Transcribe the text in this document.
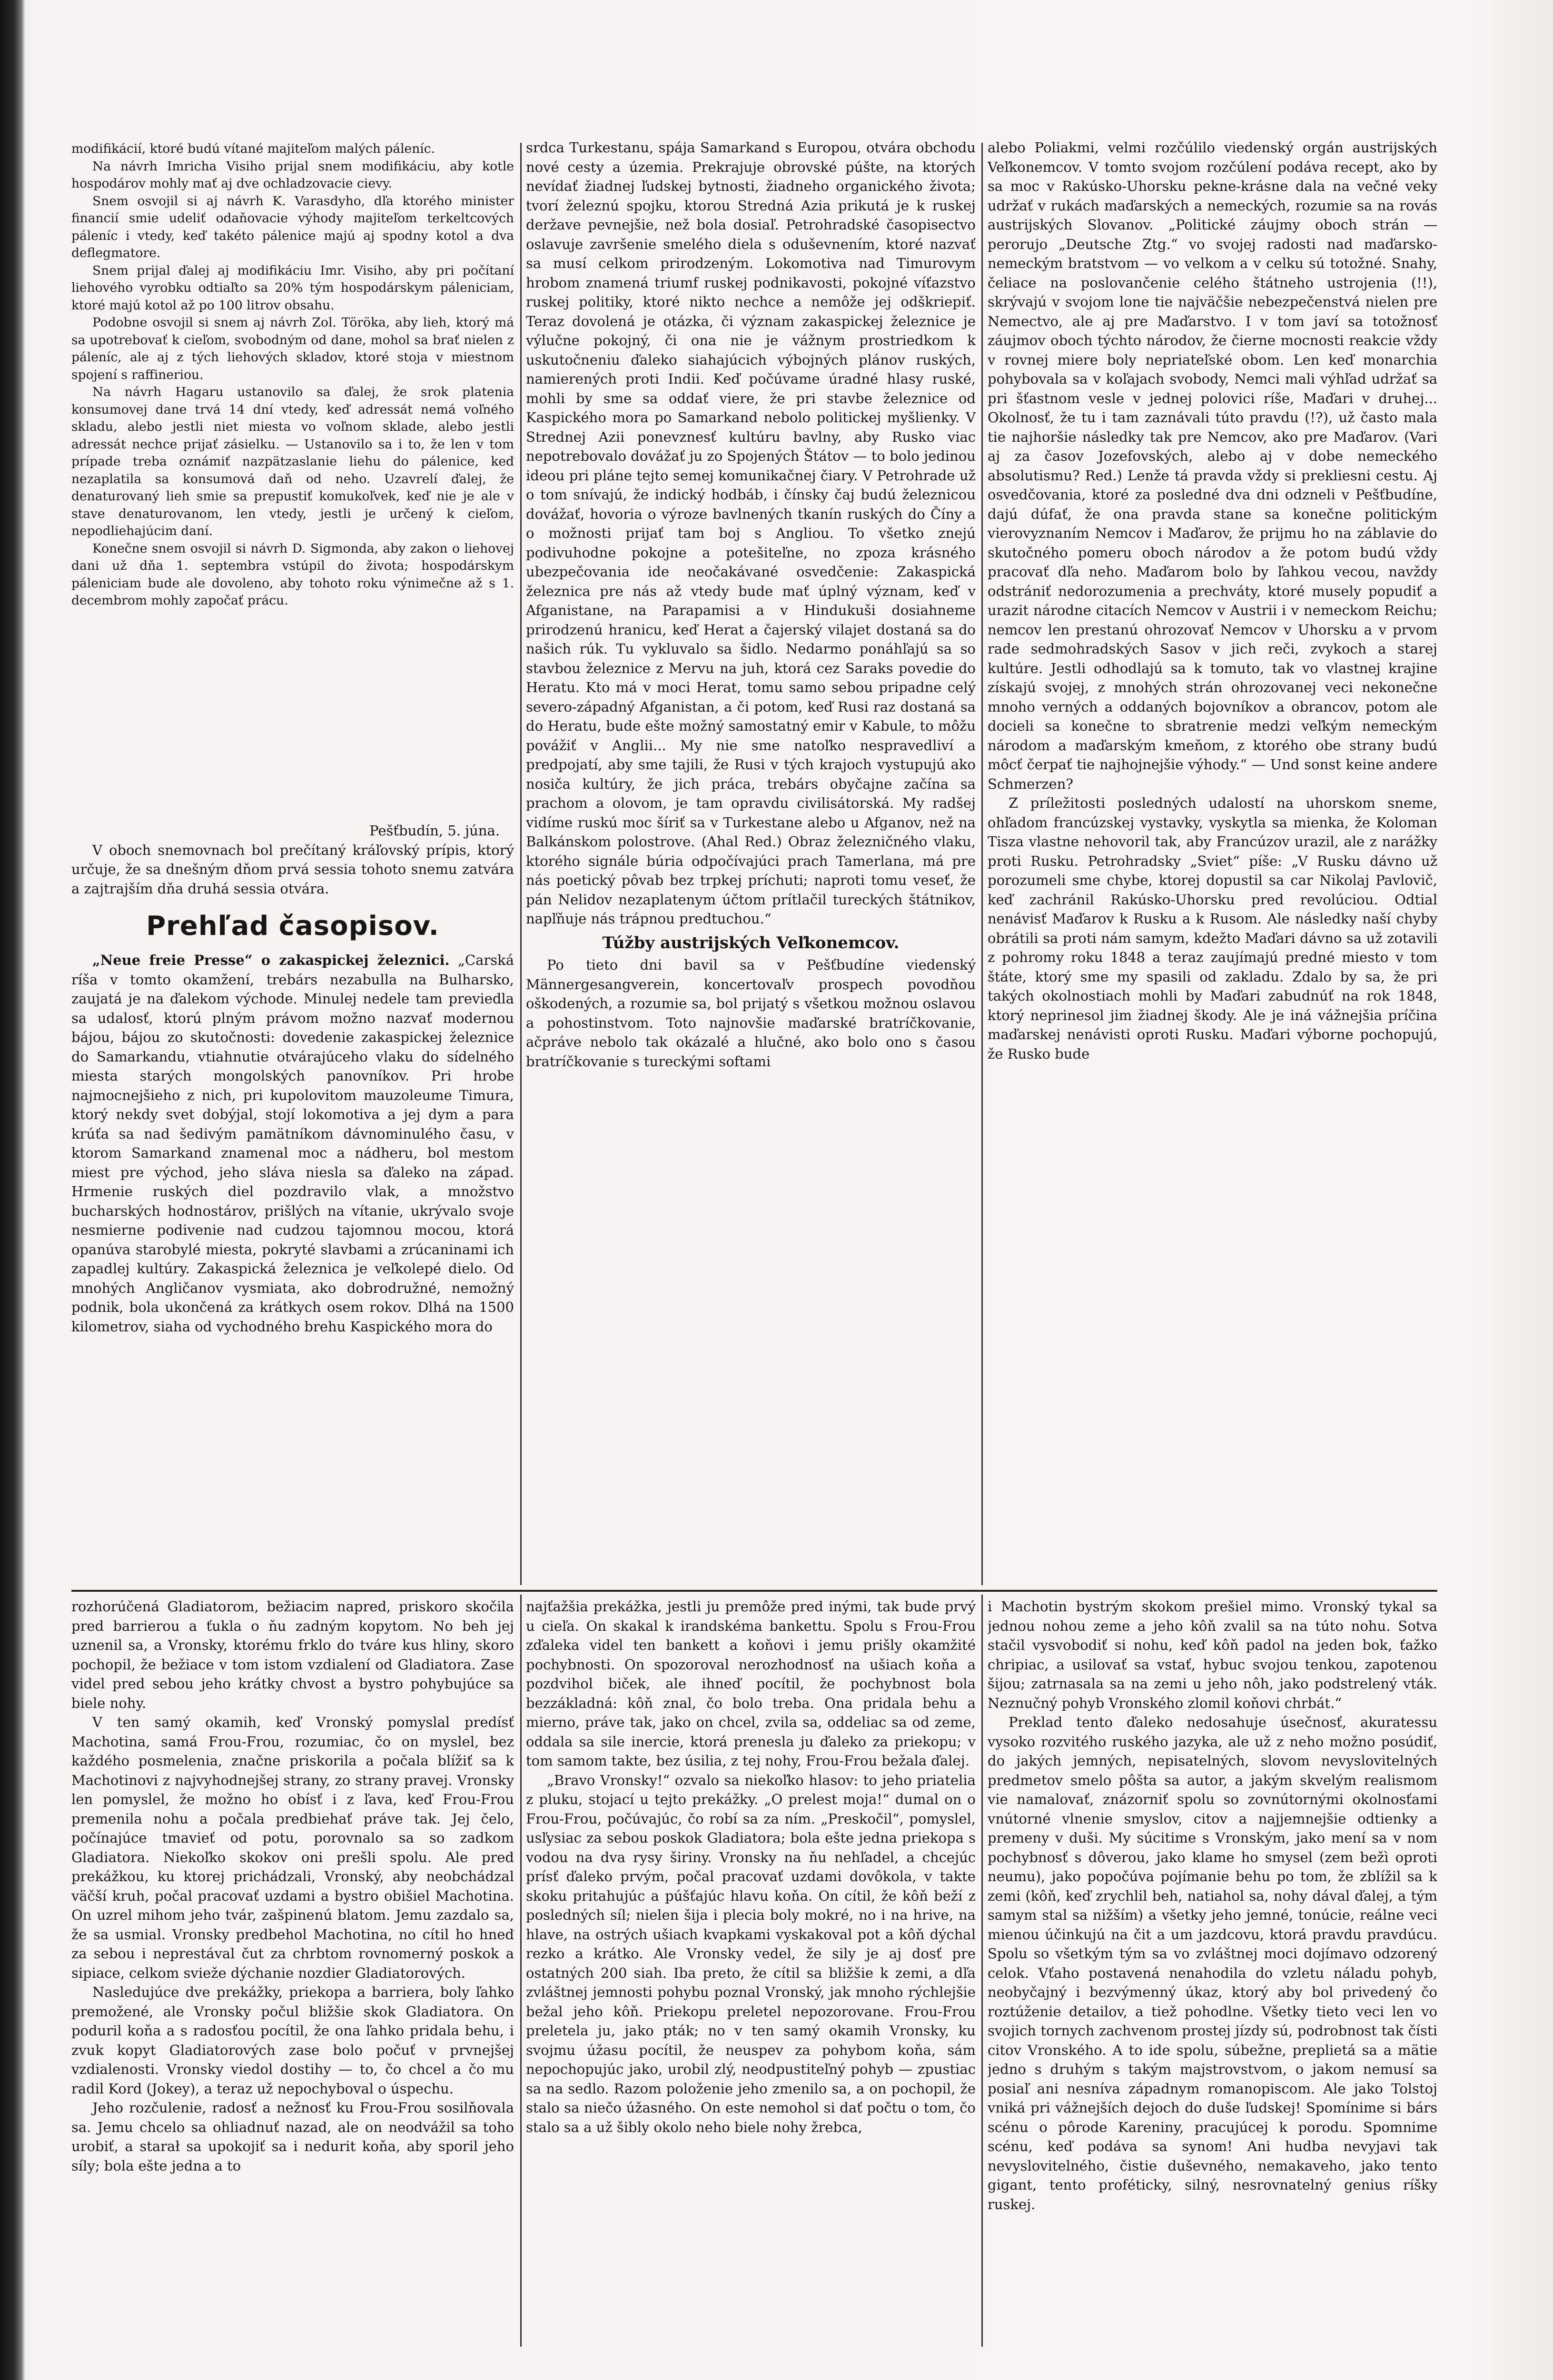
modifikácií, ktoré budú vítané majiteľom malých páleníc.

Na návrh Imricha Visiho prijal snem modifikáciu, aby kotle hospodárov mohly mať aj dve ochladzovacie cievy.

Snem osvojil si aj návrh K. Varasdyho, dľa ktorého minister financií smie udeliť odaňovacie výhody majiteľom terkeltcových páleníc i vtedy, keď takéto pálenice majú aj spodny kotol a dva deflegmatore.

Snem prijal ďalej aj modifikáciu Imr. Visiho, aby pri počítaní liehového vyrobku odtiaľto sa 20% tým hospodárskym páleniciam, ktoré majú kotol až po 100 litrov obsahu.

Podobne osvojil si snem aj návrh Zol. Töröka, aby lieh, ktorý má sa upotrebovať k cieľom, svobodným od dane, mohol sa brať nielen z páleníc, ale aj z tých liehových skladov, ktoré stoja v miestnom spojení s raffineriou.

Na návrh Hagaru ustanovilo sa ďalej, že srok platenia konsumovej dane trvá 14 dní vtedy, keď adressát nemá voľného skladu, alebo jestli niet miesta vo voľnom sklade, alebo jestli adressát nechce prijať zásielku. — Ustanovilo sa i to, že len v tom prípade treba oznámiť nazpätzaslanie liehu do pálenice, keď nezaplatila sa konsumová daň od neho. Uzavrelí ďalej, že denaturovaný lieh smie sa prepustiť komukoľvek, keď nie je ale v stave denaturovanom, len vtedy, jestli je určený k cieľom, nepodliehajúcim daní.

Konečne snem osvojil si návrh D. Sigmonda, aby zakon o liehovej dani už dňa 1. septembra vstúpil do života; hospodárskym páleniciam bude ale dovoleno, aby tohoto roku výnimečne až s 1. decembrom mohly započať prácu.

Pešťbudín, 5. júna.

V oboch snemovnach bol prečítaný kráľovský prípis, ktorý určuje, že sa dnešným dňom prvá sessia tohoto snemu zatvára a zajtrajším dňa druhá sessia otvára.

Prehľad časopisov.

„Neue freie Presse“ o zakaspickej železnici. „Carská ríša v tomto okamžení, trebárs nezabulla na Bulharsko, zaujatá je na ďalekom východe. Minulej nedele tam previedla sa udalosť, ktorú plným právom možno nazvať modernou bájou, bájou zo skutočnosti: dovedenie zakaspickej železnice do Samarkandu, vtiahnutie otvárajúceho vlaku do sídelného miesta starých mongolských panovníkov. Pri hrobe najmocnejšieho z nich, pri kupolovitom mauzoleume Timura, ktorý nekdy svet dobýjal, stojí lokomotiva a jej dym a para krúťa sa nad šedivým pamätníkom dávnominulého času, v ktorom Samarkand znamenal moc a nádheru, bol mestom miest pre východ, jeho sláva niesla sa ďaleko na západ. Hrmenie ruských diel pozdravilo vlak, a množstvo bucharských hodnostárov, prišlých na vítanie, ukrývalo svoje nesmierne podivenie nad cudzou tajomnou mocou, ktorá opanúva starobylé miesta, pokryté slavbami a zrúcaninami ich zapadlej kultúry. Zakaspická železnica je veľkolepé dielo. Od mnohých Angličanov vysmiata, ako dobrodružné, nemožný podnik, bola ukončená za krátkych osem rokov. Dlhá na 1500 kilometrov, siaha od vychodného brehu Kaspického mora do

srdca Turkestanu, spája Samarkand s Europou, otvára obchodu nové cesty a územia. Prekrajuje obrovské púšte, na ktorých nevídať žiadnej ľudskej bytnosti, žiadneho organického života; tvorí železnú spojku, ktorou Stredná Azia prikutá je k ruskej deržave pevnejšie, než bola dosiaľ. Petrohradské časopisectvo oslavuje završenie smelého diela s oduševnením, ktoré nazvať sa musí celkom prirodzeným. Lokomotiva nad Timurovym hrobom znamená triumf ruskej podnikavosti, pokojné víťazstvo ruskej politiky, ktoré nikto nechce a nemôže jej odškriepiť. Teraz dovolená je otázka, či význam zakaspickej železnice je výlučne pokojný, či ona nie je vážnym prostriedkom k uskutočneniu ďaleko siahajúcich výbojných plánov ruských, namierených proti Indii. Keď počúvame úradné hlasy ruské, mohli by sme sa oddať viere, že pri stavbe železnice od Kaspického mora po Samarkand nebolo politickej myšlienky. V Strednej Azii ponevznesť kultúru bavlny, aby Rusko viac nepotrebovalo dovážať ju zo Spojených Štátov — to bolo jedinou ideou pri pláne tejto semej komunikačnej čiary. V Petrohrade už o tom snívajú, že indický hodbáb, i čínsky čaj budú železnicou dovážať, hovoria o výroze bavlnených tkanín ruských do Číny a o možnosti prijať tam boj s Angliou. To všetko znejú podivuhodne pokojne a potešiteľne, no zpoza krásného ubezpečovania ide neočakávané osvedčenie: Zakaspická železnica pre nás až vtedy bude mať úplný význam, keď v Afganistane, na Parapamisi a v Hindukuši dosiahneme prirodzenú hranicu, keď Herat a čajerský vilajet dostaná sa do našich rúk. Tu vykluvalo sa šidlo. Nedarmo ponáhľajú sa so stavbou železnice z Mervu na juh, ktorá cez Saraks povedie do Heratu. Kto má v moci Herat, tomu samo sebou pripadne celý severo-západný Afganistan, a či potom, keď Rusi raz dostaná sa do Heratu, bude ešte možný samostatný emir v Kabule, to môžu povážiť v Anglii... My nie sme natoľko nespravedliví a predpojatí, aby sme tajili, že Rusi v tých krajoch vystupujú ako nosiča kultúry, že jich práca, trebárs obyčajne začína sa prachom a olovom, je tam opravdu civilisátorská. My radšej vidíme ruskú moc šíriť sa v Turkestane alebo u Afganov, než na Balkánskom polostrove. (Ahal Red.) Obraz železničného vlaku, ktorého signále búria odpočívajúci prach Tamerlana, má pre nás poetický pôvab bez trpkej príchuti; naproti tomu veseť, že pán Nelidov nezaplatenym účtom prítlačil tureckých štátnikov, napľňuje nás trápnou predtuchou.“

Túžby austrijských Veľkonemcov.

Po tieto dni bavil sa v Pešťbudíne viedenský Männergesangverein, koncertovaľv prospech povodňou oškodených, a rozumie sa, bol prijatý s všetkou možnou oslavou a pohostinstvom. Toto najnovšie maďarské bratríčkovanie, ačpráve nebolo tak okázalé a hlučné, ako bolo ono s časou bratríčkovanie s tureckými softami

alebo Poliakmi, velmi rozčúlilo viedenský orgán austrijských Veľkonemcov. V tomto svojom rozčúlení podáva recept, ako by sa moc v Rakúsko-Uhorsku pekne-krásne dala na večné veky udržať v rukách maďarských a nemeckých, rozumie sa na rovás austrijských Slovanov. „Politické záujmy oboch strán — perorujo „Deutsche Ztg.“ vo svojej radosti nad maďarsko-nemeckým bratstvom — vo velkom a v celku sú totožné. Snahy, čeliace na poslovančenie celého štátneho ustrojenia (!!), skrývajú v svojom lone tie najväčšie nebezpečenstvá nielen pre Nemectvo, ale aj pre Maďarstvo. I v tom javí sa totožnosť záujmov oboch týchto národov, že čierne mocnosti reakcie vždy v rovnej miere boly nepriateľské obom. Len keď monarchia pohybovala sa v koľajach svobody, Nemci mali výhľad udržať sa pri šťastnom vesle v jednej polovici ríše, Maďari v druhej... Okolnosť, že tu i tam zaznávali túto pravdu (!?), už často mala tie najhoršie následky tak pre Nemcov, ako pre Maďarov. (Vari aj za časov Jozefovských, alebo aj v dobe nemeckého absolutismu? Red.) Lenže tá pravda vždy si prekliesni cestu. Aj osvedčovania, ktoré za posledné dva dni odzneli v Pešťbudíne, dajú dúfať, že ona pravda stane sa konečne politickým vierovyznaním Nemcov i Maďarov, že prijmu ho na záblavie do skutočného pomeru oboch národov a že potom budú vždy pracovať dľa neho. Maďarom bolo by ľahkou vecou, navždy odstrániť nedorozumenia a prechváty, ktoré musely popudiť a urazit národne citacích Nemcov v Austrii i v nemeckom Reichu; nemcov len prestanú ohrozovať Nemcov v Uhorsku a v prvom rade sedmohradských Sasov v jich reči, zvykoch a starej kultúre. Jestli odhodlajú sa k tomuto, tak vo vlastnej krajine získajú svojej, z mnohých strán ohrozovanej veci nekonečne mnoho verných a oddaných bojovníkov a obrancov, potom ale docieli sa konečne to sbratrenie medzi veľkým nemeckým národom a maďarským kmeňom, z ktorého obe strany budú môcť čerpať tie najhojnejšie výhody.“ — Und sonst keine andere Schmerzen?

Z príležitosti posledných udalostí na uhorskom sneme, ohľadom francúzskej vystavky, vyskytla sa mienka, že Koloman Tisza vlastne nehovoril tak, aby Francúzov urazil, ale z narážky proti Rusku. Petrohradsky „Sviet“ píše: „V Rusku dávno už porozumeli sme chybe, ktorej dopustil sa car Nikolaj Pavlovič, keď zachránil Rakúsko-Uhorsku pred revolúciou. Odtiaľ nenávisť Maďarov k Rusku a k Rusom. Ale následky naší chyby obrátili sa proti nám samym, kdežto Maďari dávno sa už zotavili z pohromy roku 1848 a teraz zaujímajú predné miesto v tom štáte, ktorý sme my spasili od zakladu. Zdalo by sa, že pri takých okolnostiach mohli by Maďari zabudnúť na rok 1848, ktorý neprinesol jim žiadnej škody. Ale je iná vážnejšia príčina maďarskej nenávisti oproti Rusku. Maďari výborne pochopujú, že Rusko bude

rozhorúčená Gladiatorom, bežiacim napred, priskoro skočila pred barrierou a ťukla o ňu zadným kopytom. No beh jej uznenil sa, a Vronsky, ktorému frklo do tváre kus hliny, skoro pochopil, že bežiace v tom istom vzdialení od Gladiatora. Zase videl pred sebou jeho krátky chvost a bystro pohybujúce sa biele nohy.

V ten samý okamih, keď Vronský pomyslal predísť Machotina, samá Frou-Frou, rozumiac, čo on myslel, bez každého posmelenia, značne priskorila a počala blížiť sa k Machotinovi z najvyhodnejšej strany, zo strany pravej. Vronsky len pomyslel, že možno ho obísť i z ľava, keď Frou-Frou premenila nohu a počala predbiehať práve tak. Jej čelo, počínajúce tmavieť od potu, porovnalo sa so zadkom Gladiatora. Niekoľko skokov oni prešli spolu. Ale pred prekážkou, ku ktorej prichádzali, Vronský, aby neobchádzal väčší kruh, počal pracovať uzdami a bystro obišiel Machotina. On uzrel mihom jeho tvár, zašpinenú blatom. Jemu zazdalo sa, že sa usmial. Vronsky predbehol Machotina, no cítil ho hneď za sebou i neprestával čut za chrbtom rovnomerný poskok a sipiace, celkom svieže dýchanie nozdier Gladiatorových.

Nasledujúce dve prekážky, priekopa a barriera, boly ľahko premožené, ale Vronsky počul bližšie skok Gladiatora. On poduril koňa a s radosťou pocítil, že ona ľahko pridala behu, i zvuk kopyt Gladiatorových zase bolo počuť v prvnejšej vzdialenosti. Vronsky viedol dostihy — to, čo chcel a čo mu radil Kord (Jokey), a teraz už nepochyboval o úspechu.

Jeho rozčulenie, radosť a nežnosť ku Frou-Frou sosilňovala sa. Jemu chcelo sa ohliadnuť nazad, ale on neodvážil sa toho urobiť, a starał sa upokojiť sa i nedurit koňa, aby sporil jeho síly; bola ešte jedna a to

najťažšia prekážka, jestli ju premôže pred inými, tak bude prvý u cieľa. On skakal k irandskéma bankettu. Spolu s Frou-Frou zďaleka videl ten bankett a koňovi i jemu prišly okamžité pochybnosti. On spozoroval nerozhodnosť na ušiach koňa a pozdvihol biček, ale ihneď pocítil, že pochybnost bola bezzákladná: kôň znal, čo bolo treba. Ona pridala behu a mierno, práve tak, jako on chcel, zvila sa, oddeliac sa od zeme, oddala sa sile inercie, ktorá prenesla ju ďaleko za priekopu; v tom samom takte, bez úsilia, z tej nohy, Frou-Frou bežala ďalej.

„Bravo Vronsky!“ ozvalo sa niekoľko hlasov: to jeho priatelia z pluku, stojací u tejto prekážky. „O prelest moja!“ dumal on o Frou-Frou, počúvajúc, čo robí sa za ním. „Preskočil“, pomyslel, usľysiac za sebou poskok Gladiatora; bola ešte jedna priekopa s vodou na dva rysy širiny. Vronsky na ňu nehľadel, a chcejúc prísť ďaleko prvým, počal pracovať uzdami dovôkola, v takte skoku pritahujúc a púšťajúc hlavu koňa. On cítil, že kôň beží z posledných síl; nielen šija i plecia boly mokré, no i na hrive, na hlave, na ostrých ušiach kvapkami vyskakoval pot a kôň dýchal rezko a krátko. Ale Vronsky vedel, že sily je aj dosť pre ostatných 200 siah. Iba preto, že cítil sa bližšie k zemi, a dľa zvláštnej jemnosti pohybu poznal Vronský, jak mnoho rýchlejšie bežal jeho kôň. Priekopu preletel nepozorovane. Frou-Frou preletela ju, jako pták; no v ten samý okamih Vronsky, ku svojmu úžasu pocítil, že neuspev za pohybom koňa, sám nepochopujúc jako, urobil zlý, neodpustiteľný pohyb — zpustiac sa na sedlo. Razom položenie jeho zmenilo sa, a on pochopil, že stalo sa niečo úžasného. On este nemohol si dať počtu o tom, čo stalo sa a už šibly okolo neho biele nohy žrebca,

i Machotin bystrým skokom prešiel mimo. Vronský tykal sa jednou nohou zeme a jeho kôň zvalil sa na túto nohu. Sotva stačil vysvobodiť si nohu, keď kôň padol na jeden bok, ťažko chripiac, a usilovať sa vstať, hybuc svojou tenkou, zapotenou šijou; zatrnasala sa na zemi u jeho nôh, jako podstrelený vták. Neznučný pohyb Vronského zlomil koňovi chrbát.“

Preklad tento ďaleko nedosahuje úsečnosť, akuratessu vysoko rozvitého ruského jazyka, ale už z neho možno posúdiť, do jakých jemných, nepisatelných, slovom nevyslovitelných predmetov smelo pôšta sa autor, a jakým skvelým realismom vie namalovať, znázorniť spolu so zovnútornými okolnosťami vnútorné vlnenie smyslov, citov a najjemnejšie odtienky a premeny v duši. My súcitime s Vronským, jako mení sa v nom pochybnosť s dôverou, jako klame ho smysel (zem bežì oproti neumu), jako popočúva pojímanie behu po tom, že zblížil sa k zemi (kôň, keď zrychlil beh, natiahol sa, nohy dával ďalej, a tým samym stal sa nižším) a všetky jeho jemné, tonúcie, reálne veci mienou účinkujú na čit a um jazdcovu, ktorá pravdu pravdúcu. Spolu so všetkým tým sa vo zvláštnej moci dojímavo odzorený celok. Vťaho postavená nenahodila do vzletu náladu pohyb, neobyčajný i bezvýmenný úkaz, ktorý aby bol privedený čo roztúženie detailov, a tiež pohodlne. Všetky tieto veci len vo svojich tornych zachvenom prostej jízdy sú, podrobnost tak čísti citov Vronského. A to ide spolu, súbežne, preplietá sa a mätie jedno s druhým s takým majstrovstvom, o jakom nemusí sa posiaľ ani nesníva západnym romanopiscom. Ale jako Tolstoj vniká pri vážnejších dejoch do duše ľudskej! Spomínime si bárs scénu o pôrode Kareniny, pracujúcej k porodu. Spomnime scénu, keď podáva sa synom! Ani hudba nevyjavi tak nevyslovitelného, čistie duševného, nemakaveho, jako tento gigant, tento proféticky, silný, nesrovnatelný genius ríšky ruskej.
